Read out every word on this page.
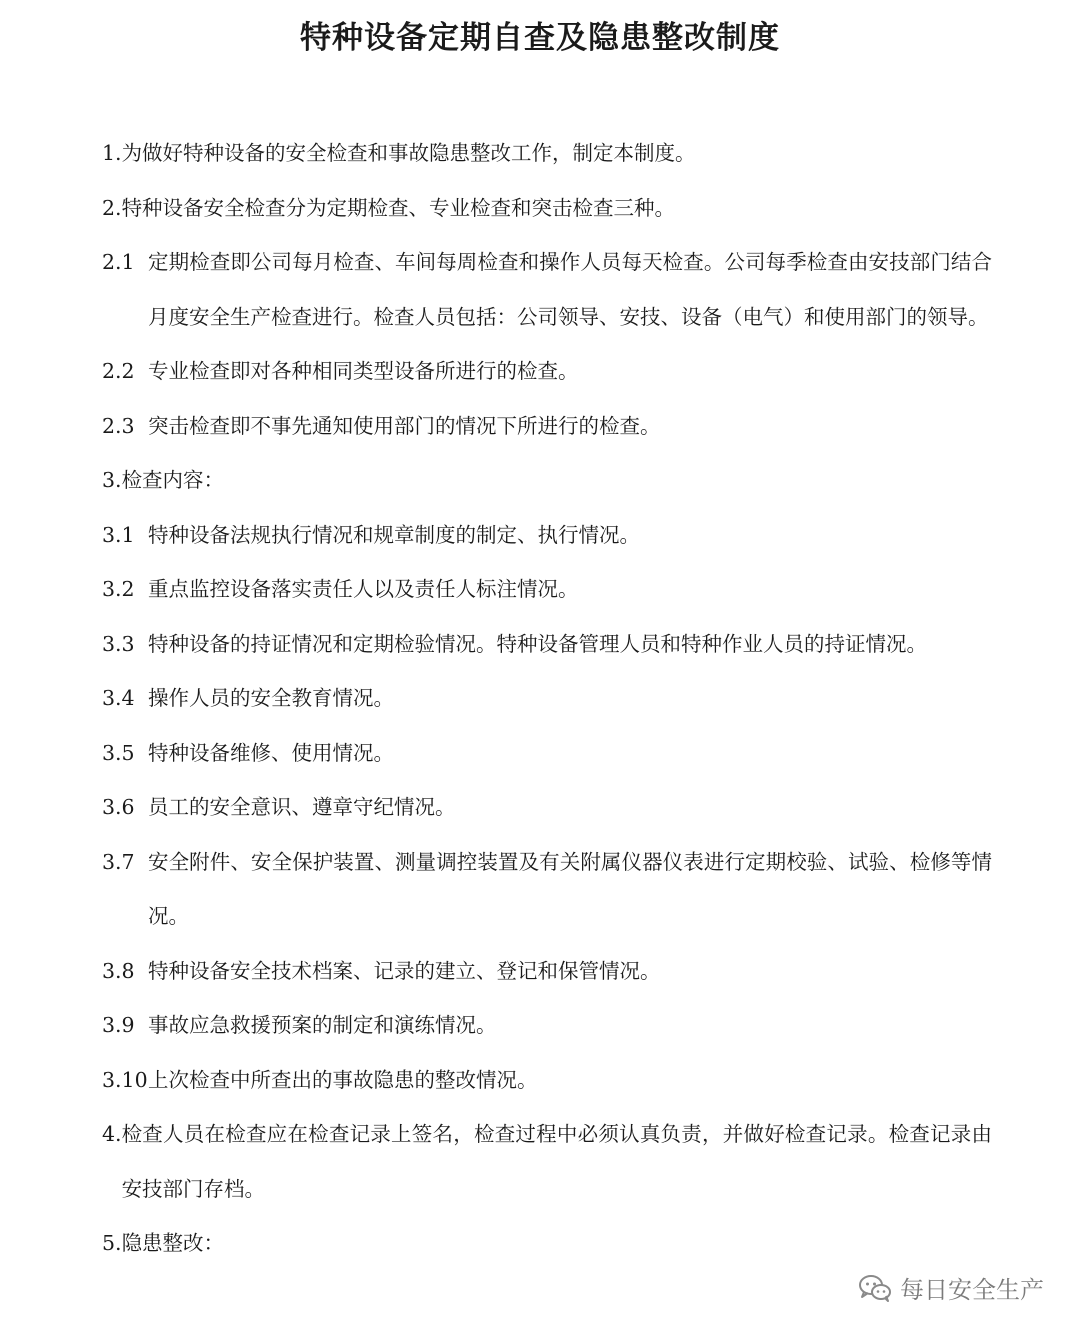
特种设备定期自查及隐患整改制度
1. 为做好特种设备的安全检查和事故隐患整改工作，制定本制度。
2. 特种设备安全检查分为定期检查、专业检查和突击检查三种。
2.1 定期检查即公司每月检查、车间每周检查和操作人员每天检查。公司每季检查由安技部门结合月度安全生产检查进行。检查人员包括：公司领导、安技、设备（电气）和使用部门的领导。
2.2 专业检查即对各种相同类型设备所进行的检查。
2.3 突击检查即不事先通知使用部门的情况下所进行的检查。
3. 检查内容：
3.1 特种设备法规执行情况和规章制度的制定、执行情况。
3.2 重点监控设备落实责任人以及责任人标注情况。
3.3 特种设备的持证情况和定期检验情况。特种设备管理人员和特种作业人员的持证情况。
3.4 操作人员的安全教育情况。
3.5 特种设备维修、使用情况。
3.6 员工的安全意识、遵章守纪情况。
3.7 安全附件、安全保护装置、测量调控装置及有关附属仪器仪表进行定期校验、试验、检修等情况。
3.8 特种设备安全技术档案、记录的建立、登记和保管情况。
3.9 事故应急救援预案的制定和演练情况。
3.10 上次检查中所查出的事故隐患的整改情况。
4. 检查人员在检查应在检查记录上签名，检查过程中必须认真负责，并做好检查记录。检查记录由安技部门存档。
5. 隐患整改：
每日安全生产
